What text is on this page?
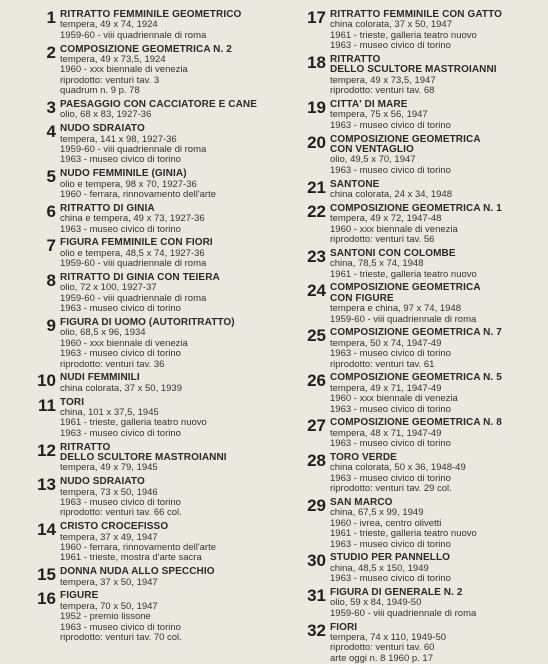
1 RITRATTO FEMMINILE GEOMETRICO
tempera, 49 x 74, 1924
1959-60 - viii quadriennale di roma
2 COMPOSIZIONE GEOMETRICA N. 2
tempera, 49 x 73,5, 1924
1960 - xxx biennale di venezia
riprodotto: venturi tav. 3
quadrum n. 9 p. 78
3 PAESAGGIO CON CACCIATORE E CANE
olio, 68 x 83, 1927-36
4 NUDO SDRAIATO
tempera, 141 x 98, 1927-36
1959-60 - viii quadriennale di roma
1963 - museo civico di torino
5 NUDO FEMMINILE (GINIA)
olio e tempera, 98 x 70, 1927-36
1960 - ferrara, rinnovamento dell'arte
6 RITRATTO DI GINIA
china e tempera, 49 x 73, 1927-36
1963 - museo civico di torino
7 FIGURA FEMMINILE CON FIORI
olio e tempera, 48,5 x 74, 1927-36
1959-60 - viii quadriennale di roma
8 RITRATTO DI GINIA CON TEIERA
olio, 72 x 100, 1927-37
1959-60 - viii quadriennale di roma
1963 - museo civico di torino
9 FIGURA DI UOMO (AUTORITRATTO)
olio, 68,5 x 96, 1934
1960 - xxx biennale di venezia
1963 - museo civico di torino
riprodotto: venturi tav. 36
10 NUDI FEMMINILI
china colorata, 37 x 50, 1939
11 TORI
china, 101 x 37,5, 1945
1961 - trieste, galleria teatro nuovo
1963 - museo civico di torino
12 RITRATTO
DELLO SCULTORE MASTROIANNI
tempera, 49 x 79, 1945
13 NUDO SDRAIATO
tempera, 73 x 50, 1946
1963 - museo civico di torino
riprodotto: venturi tav. 66 col.
14 CRISTO CROCEFISSO
tempera, 37 x 49, 1947
1960 - ferrara, rinnovamento dell'arte
1961 - trieste, mostra d'arte sacra
15 DONNA NUDA ALLO SPECCHIO
tempera, 37 x 50, 1947
16 FIGURE
tempera, 70 x 50, 1947
1952 - premio lissone
1963 - museo civico di torino
riprodotto: venturi tav. 70 col.
17 RITRATTO FEMMINILE CON GATTO
china colorata, 37 x 50, 1947
1961 - trieste, galleria teatro nuovo
1963 - museo civico di torino
18 RITRATTO
DELLO SCULTORE MASTROIANNI
tempera, 49 x 73,5, 1947
riprodotto: venturi tav. 68
19 CITTA' DI MARE
tempera, 75 x 56, 1947
1963 - museo civico di torino
20 COMPOSIZIONE GEOMETRICA
CON VENTAGLIO
olio, 49,5 x 70, 1947
1963 - museo civico di torino
21 SANTONE
china colorata, 24 x 34, 1948
22 COMPOSIZIONE GEOMETRICA N. 1
tempera, 49 x 72, 1947-48
1960 - xxx biennale di venezia
riprodotto: venturi tav. 56
23 SANTONI CON COLOMBE
china, 78,5 x 74, 1948
1961 - trieste, galleria teatro nuovo
24 COMPOSIZIONE GEOMETRICA
CON FIGURE
tempera e china, 97 x 74, 1948
1959-60 - viii quadriennale di roma
25 COMPOSIZIONE GEOMETRICA N. 7
tempera, 50 x 74, 1947-49
1963 - museo civico di torino
riprodotto: venturi tav. 61
26 COMPOSIZIONE GEOMETRICA N. 5
tempera, 49 x 71, 1947-49
1960 - xxx biennale di venezia
1963 - museo civico di torino
27 COMPOSIZIONE GEOMETRICA N. 8
tempera, 48 x 71, 1947-49
1963 - museo civico di torino
28 TORO VERDE
china colorata, 50 x 36, 1948-49
1963 - museo civico di torino
riprodotto: venturi tav. 29 col.
29 SAN MARCO
china, 67,5 x 99, 1949
1960 - ivrea, centro olivetti
1961 - trieste, galleria teatro nuovo
1963 - museo civico di torino
30 STUDIO PER PANNELLO
china, 48,5 x 150, 1949
1963 - museo civico di torino
31 FIGURA DI GENERALE N. 2
olio, 59 x 84, 1949-50
1959-60 - viii quadriennale di roma
32 FIORI
tempera, 74 x 110, 1949-50
riprodotto: venturi tav. 60
arte oggi n. 8 1960 p. 17
